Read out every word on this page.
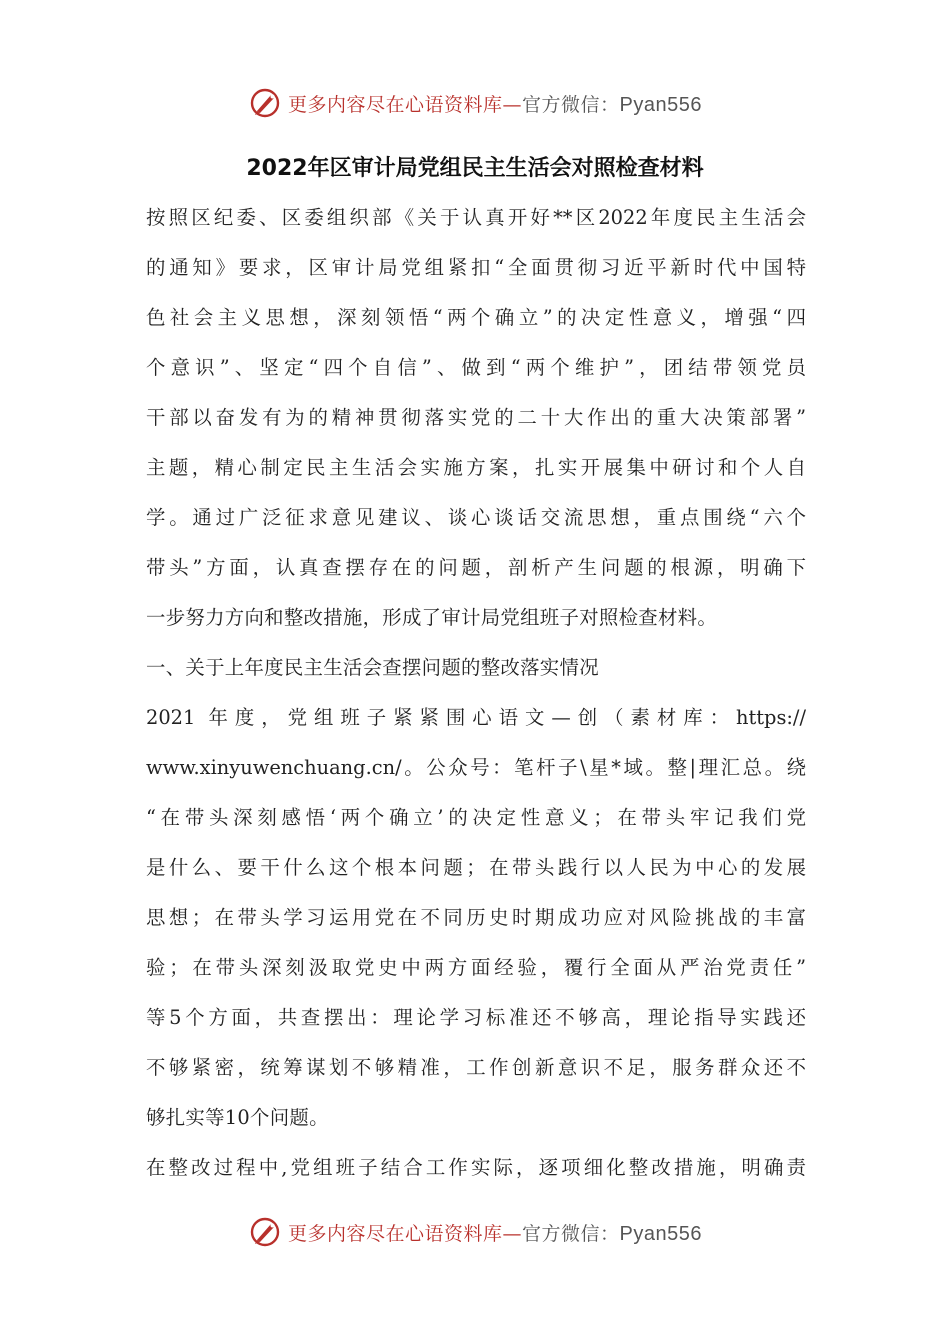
更多内容尽在心语资料库—官方微信：Pyan556
2022年区审计局党组民主生活会对照检查材料
按照区纪委、区委组织部《关于认真开好**区2022年度民主生活会
的通知》要求，区审计局党组紧扣“全面贯彻习近平新时代中国特
色社会主义思想，深刻领悟“两个确立”的决定性意义，增强“四
个意识”、坚定“四个自信”、做到“两个维护”，团结带领党员
干部以奋发有为的精神贯彻落实党的二十大作出的重大决策部署”
主题，精心制定民主生活会实施方案，扎实开展集中研讨和个人自
学。通过广泛征求意见建议、谈心谈话交流思想，重点围绕“六个
带头”方面，认真查摆存在的问题，剖析产生问题的根源，明确下
一步努力方向和整改措施，形成了审计局党组班子对照检查材料。
一、关于上年度民主生活会查摆问题的整改落实情况
2021 年度，党组班子紧紧围心语文—创（素材库：https://
www.xinyuwenchuang.cn/。公众号：笔杆子\星*域。整|理汇总。绕
“在带头深刻感悟‘两个确立’的决定性意义；在带头牢记我们党
是什么、要干什么这个根本问题；在带头践行以人民为中心的发展
思想；在带头学习运用党在不同历史时期成功应对风险挑战的丰富
验；在带头深刻汲取党史中两方面经验，覆行全面从严治党责任”
等5个方面，共查摆出：理论学习标准还不够高，理论指导实践还
不够紧密，统筹谋划不够精准，工作创新意识不足，服务群众还不
够扎实等10个问题。
在整改过程中,党组班子结合工作实际，逐项细化整改措施，明确责
更多内容尽在心语资料库—官方微信：Pyan556
